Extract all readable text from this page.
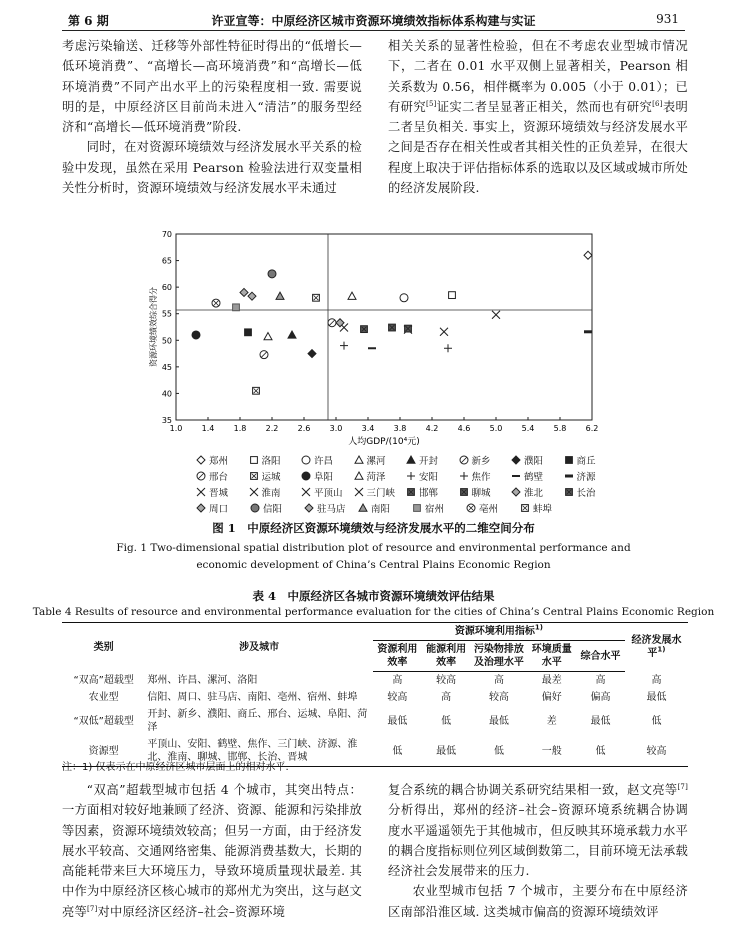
第 6 期	许亚宣等：中原经济区城市资源环境绩效指标体系构建与实证	931

考虑污染输送、迁移等外部性特征时得出的“低增长—低环境消费”、“高增长—高环境消费”和“高增长—低环境消费”不同产出水平上的污染程度相一致. 需要说明的是，中原经济区目前尚未进入“清洁”的服务型经济和“高增长—低环境消费”阶段.

同时，在对资源环境绩效与经济发展水平关系的检验中发现，虽然在采用 Pearson 检验法进行双变量相关性分析时，资源环境绩效与经济发展水平未通过

相关关系的显著性检验，但在不考虑农业型城市情况下，二者在 0.01 水平双侧上显著相关，Pearson 相关系数为 0.56，相伴概率为 0.005（小于 0.01）；已有研究[5]证实二者呈显著正相关，然而也有研究[6]表明二者呈负相关. 事实上，资源环境绩效与经济发展水平之间是否存在相关性或者其相关性的正负差异，在很大程度上取决于评估指标体系的选取以及区域或城市所处的经济发展阶段.

1.0 1.4 1.8 2.2 2.6 3.0 3.4 3.8 4.2 4.6 5.0 5.4 5.8 6.2
35
40
45
50
55
60
65
70
人均GDP/(10⁴元)
资源环境绩效综合得分
郑州	洛阳	许昌	漯河	开封	新乡	濮阳	商丘
邢台	运城	阜阳	菏泽	安阳	焦作	鹤壁	济源
晋城	淮南	平顶山	三门峡	邯郸	聊城	淮北	长治
周口	信阳	驻马店	南阳	宿州	亳州	蚌埠
图 1　中原经济区资源环境绩效与经济发展水平的二维空间分布
Fig. 1 Two-dimensional spatial distribution plot of resource and environmental performance and
economic development of China’s Central Plains Economic Region
表 4　中原经济区各城市资源环境绩效评估结果
Table 4 Results of resource and environmental performance evaluation for the cities of China’s Central Plains Economic Region
类别	涉及城市	资源环境利用指标$^{1)}$					经济发展水平$^{1)}$
		资源利用效率	能源利用效率	污染物排放及治理水平	环境质量水平	综合水平	
“双高”超载型	郑州、许昌、漯河、洛阳	高	较高	高	最差	高	高
农业型	信阳、周口、驻马店、南阳、亳州、宿州、蚌埠	较高	高	较高	偏好	偏高	最低
“双低”超载型	开封、新乡、濮阳、商丘、邢台、运城、阜阳、菏泽	最低	低	最低	差	最低	低
资源型	平顶山、安阳、鹤壁、焦作、三门峡、济源、淮北、淮南、聊城、邯郸、长治、晋城	低	最低	低	一般	低	较高
注：1) 仅表示在中原经济区城市层面上的相对水平.

“双高”超载型城市包括 4 个城市，其突出特点：一方面相对较好地兼顾了经济、资源、能源和污染排放等因素，资源环境绩效较高；但另一方面，由于经济发展水平较高、交通网络密集、能源消费基数大，长期的高能耗带来巨大环境压力，导致环境质量现状最差. 其中作为中原经济区核心城市的郑州尤为突出，这与赵文亮等[7]对中原经济区经济–社会–资源环境

复合系统的耦合协调关系研究结果相一致，赵文亮等[7]分析得出，郑州的经济–社会–资源环境系统耦合协调度水平遥遥领先于其他城市，但反映其环境承载力水平的耦合度指标则位列区域倒数第二，目前环境无法承载经济社会发展带来的压力.

农业型城市包括 7 个城市，主要分布在中原经济区南部沿淮区域. 这类城市偏高的资源环境绩效评
